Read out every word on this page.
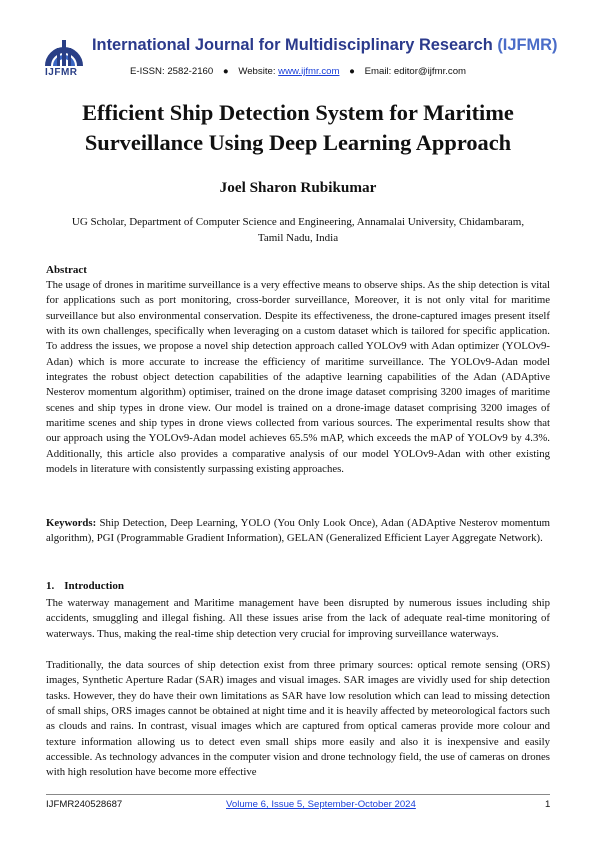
IJFMR
International Journal for Multidisciplinary Research (IJFMR)
E-ISSN: 2582-2160 ● Website: www.ijfmr.com ● Email: editor@ijfmr.com
Efficient Ship Detection System for Maritime
Surveillance Using Deep Learning Approach
Joel Sharon Rubikumar
UG Scholar, Department of Computer Science and Engineering, Annamalai University, Chidambaram,
Tamil Nadu, India
Abstract
The usage of drones in maritime surveillance is a very effective means to observe ships. As the ship detection is vital for applications such as port monitoring, cross-border surveillance, Moreover, it is not only vital for maritime surveillance but also environmental conservation. Despite its effectiveness, the drone-captured images present itself with its own challenges, specifically when leveraging on a custom dataset which is tailored for specific application. To address the issues, we propose a novel ship detection approach called YOLOv9 with Adan optimizer (YOLOv9-Adan) which is more accurate to increase the efficiency of maritime surveillance. The YOLOv9-Adan model integrates the robust object detection capabilities of the adaptive learning capabilities of the Adan (ADAptive Nesterov momentum algorithm) optimiser, trained on the drone image dataset comprising 3200 images of maritime scenes and ship types in drone view. Our model is trained on a drone-image dataset comprising 3200 images of maritime scenes and ship types in drone views collected from various sources. The experimental results show that our approach using the YOLOv9-Adan model achieves 65.5% mAP, which exceeds the mAP of YOLOv9 by 4.3%. Additionally, this article also provides a comparative analysis of our model YOLOv9-Adan with other existing models in literature with consistently surpassing existing approaches.
Keywords: Ship Detection, Deep Learning, YOLO (You Only Look Once), Adan (ADAptive Nesterov momentum algorithm), PGI (Programmable Gradient Information), GELAN (Generalized Efficient Layer Aggregate Network).
1. Introduction
The waterway management and Maritime management have been disrupted by numerous issues including ship accidents, smuggling and illegal fishing. All these issues arise from the lack of adequate real-time monitoring of waterways. Thus, making the real-time ship detection very crucial for improving surveillance waterways.
Traditionally, the data sources of ship detection exist from three primary sources: optical remote sensing (ORS) images, Synthetic Aperture Radar (SAR) images and visual images. SAR images are vividly used for ship detection tasks. However, they do have their own limitations as SAR have low resolution which can lead to missing detection of small ships, ORS images cannot be obtained at night time and it is heavily affected by meteorological factors such as clouds and rains. In contrast, visual images which are captured from optical cameras provide more colour and texture information allowing us to detect even small ships more easily and also it is inexpensive and easily accessible. As technology advances in the computer vision and drone technology field, the use of cameras on drones with high resolution have become more effective
IJFMR240528687	Volume 6, Issue 5, September-October 2024	1
